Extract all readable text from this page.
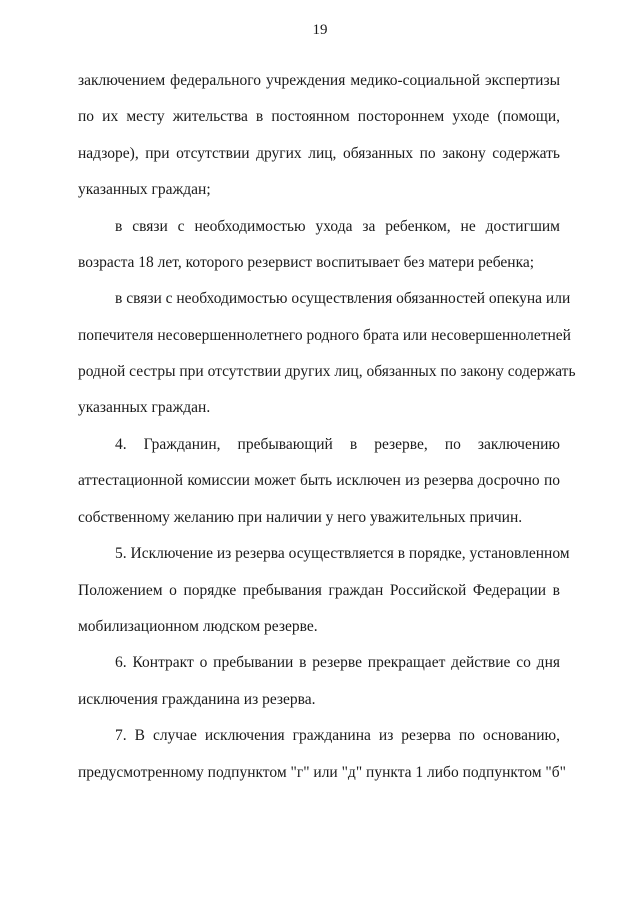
19
заключением федерального учреждения медико-социальной экспертизы
по их месту жительства в постоянном постороннем уходе (помощи,
надзоре), при отсутствии других лиц, обязанных по закону содержать
указанных граждан;
в связи с необходимостью ухода за ребенком, не достигшим
возраста 18 лет, которого резервист воспитывает без матери ребенка;
в связи с необходимостью осуществления обязанностей опекуна или
попечителя несовершеннолетнего родного брата или несовершеннолетней
родной сестры при отсутствии других лиц, обязанных по закону содержать
указанных граждан.
4. Гражданин, пребывающий в резерве, по заключению
аттестационной комиссии может быть исключен из резерва досрочно по
собственному желанию при наличии у него уважительных причин.
5. Исключение из резерва осуществляется в порядке, установленном
Положением о порядке пребывания граждан Российской Федерации в
мобилизационном людском резерве.
6. Контракт о пребывании в резерве прекращает действие со дня
исключения гражданина из резерва.
7. В случае исключения гражданина из резерва по основанию,
предусмотренному подпунктом "г" или "д" пункта 1 либо подпунктом "б"
